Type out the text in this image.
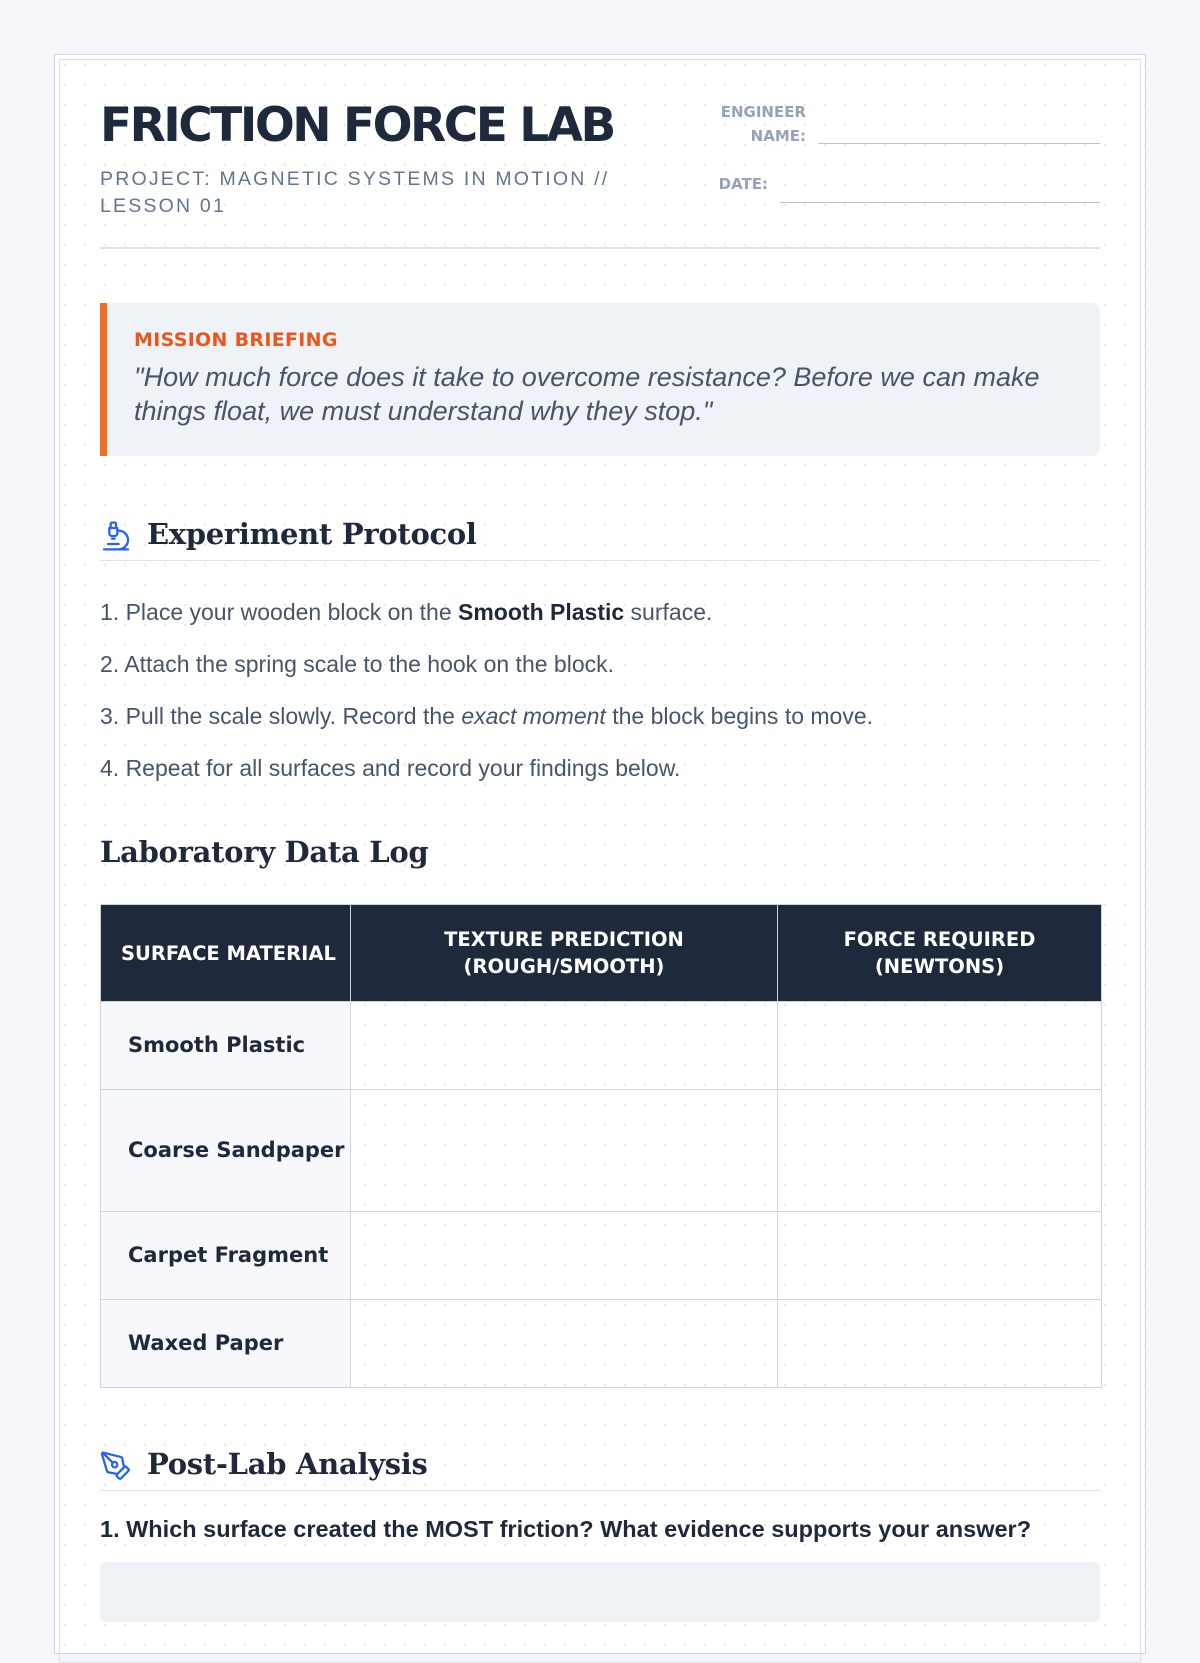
FRICTION FORCE LAB
PROJECT: MAGNETIC SYSTEMS IN MOTION // LESSON 01
ENGINEER
NAME:
DATE:
MISSION BRIEFING
"How much force does it take to overcome resistance? Before we can make things float, we must understand why they stop."
Experiment Protocol
1. Place your wooden block on the Smooth Plastic surface.
2. Attach the spring scale to the hook on the block.
3. Pull the scale slowly. Record the exact moment the block begins to move.
4. Repeat for all surfaces and record your findings below.
Laboratory Data Log
SURFACE MATERIAL	TEXTURE PREDICTION (ROUGH/SMOOTH)	FORCE REQUIRED (NEWTONS)
Smooth Plastic		
Coarse Sandpaper		
Carpet Fragment		
Waxed Paper		
Post-Lab Analysis
1. Which surface created the MOST friction? What evidence supports your answer?
